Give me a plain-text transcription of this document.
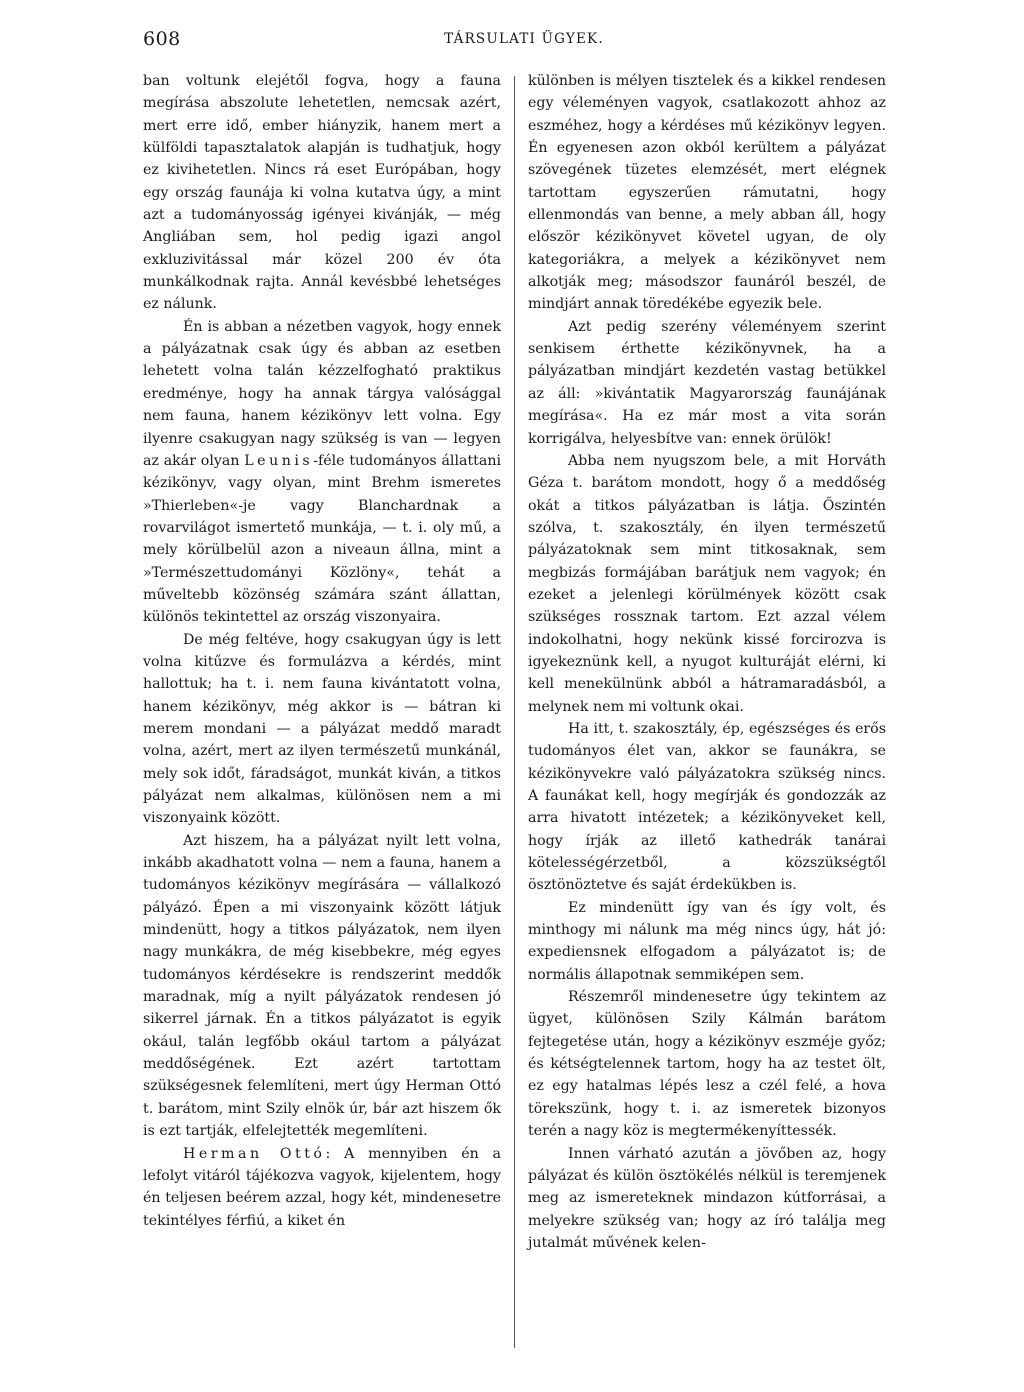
608	TÁRSULATI ÜGYEK.

ban voltunk elejétől fogva, hogy a fauna megírása abszolute lehetetlen, nemcsak azért, mert erre idő, ember hiányzik, hanem mert a külföldi tapasztalatok alapján is tudhatjuk, hogy ez kivihetetlen. Nincs rá eset Európában, hogy egy ország faunája ki volna kutatva úgy, a mint azt a tudományosság igényei kivánják, — még Angliában sem, hol pedig igazi angol exkluzivitással már közel 200 év óta munkálkodnak rajta. Annál kevésbbé lehetséges ez nálunk.

Én is abban a nézetben vagyok, hogy ennek a pályázatnak csak úgy és abban az esetben lehetett volna talán kézzelfogható praktikus eredménye, hogy ha annak tárgya valósággal nem fauna, hanem kézikönyv lett volna. Egy ilyenre csakugyan nagy szükség is van — legyen az akár olyan Leunis-féle tudományos állattani kézikönyv, vagy olyan, mint Brehm ismeretes »Thierleben«-je vagy Blanchardnak a rovarvilágot ismertető munkája, — t. i. oly mű, a mely körülbelül azon a niveaun állna, mint a »Természettudományi Közlöny«, tehát a műveltebb közönség számára szánt állattan, különös tekintettel az ország viszonyaira.

De még feltéve, hogy csakugyan úgy is lett volna kitűzve és formulázva a kérdés, mint hallottuk; ha t. i. nem fauna kivántatott volna, hanem kézikönyv, még akkor is — bátran ki merem mondani — a pályázat meddő maradt volna, azért, mert az ilyen természetű munkánál, mely sok időt, fáradságot, munkát kiván, a titkos pályázat nem alkalmas, különösen nem a mi viszonyaink között.

Azt hiszem, ha a pályázat nyilt lett volna, inkább akadhatott volna — nem a fauna, hanem a tudományos kézikönyv megírására — vállalkozó pályázó. Épen a mi viszonyaink között látjuk mindenütt, hogy a titkos pályázatok, nem ilyen nagy munkákra, de még kisebbekre, még egyes tudományos kérdésekre is rendszerint meddők maradnak, míg a nyilt pályázatok rendesen jó sikerrel járnak. Én a titkos pályázatot is egyik okául, talán legfőbb okául tartom a pályázat meddőségének. Ezt azért tartottam szükségesnek felemlíteni, mert úgy Herman Ottó t. barátom, mint Szily elnök úr, bár azt hiszem ők is ezt tartják, elfelejtették megemlíteni.

Herman Ottó: A mennyiben én a lefolyt vitáról tájékozva vagyok, kijelentem, hogy én teljesen beérem azzal, hogy két, mindenesetre tekintélyes férfiú, a kiket én

különben is mélyen tisztelek és a kikkel rendesen egy véleményen vagyok, csatlakozott ahhoz az eszméhez, hogy a kérdéses mű kézikönyv legyen. Én egyenesen azon okból kerültem a pályázat szövegének tüzetes elemzését, mert elégnek tartottam egyszerűen rámutatni, hogy ellenmondás van benne, a mely abban áll, hogy először kézikönyvet követel ugyan, de oly kategoriákra, a melyek a kézikönyvet nem alkotják meg; másodszor faunáról beszél, de mindjárt annak töredékébe egyezik bele.

Azt pedig szerény véleményem szerint senkisem érthette kézikönyvnek, ha a pályázatban mindjárt kezdetén vastag betükkel az áll: »kivántatik Magyarország faunájának megírása«. Ha ez már most a vita során korrigálva, helyesbítve van: ennek örülök!

Abba nem nyugszom bele, a mit Horváth Géza t. barátom mondott, hogy ő a meddőség okát a titkos pályázatban is látja. Őszintén szólva, t. szakosztály, én ilyen természetű pályázatoknak sem mint titkosaknak, sem megbizás formájában barátjuk nem vagyok; én ezeket a jelenlegi körülmények között csak szükséges rossznak tartom. Ezt azzal vélem indokolhatni, hogy nekünk kissé forcirozva is igyekeznünk kell, a nyugot kulturáját elérni, ki kell menekülnünk abból a hátramaradásból, a melynek nem mi voltunk okai.

Ha itt, t. szakosztály, ép, egészséges és erős tudományos élet van, akkor se faunákra, se kézikönyvekre való pályázatokra szükség nincs. A faunákat kell, hogy megírják és gondozzák az arra hivatott intézetek; a kézikönyveket kell, hogy írják az illető kathedrák tanárai kötelességérzetből, a közszükségtől ösztönöztetve és saját érdekükben is.

Ez mindenütt így van és így volt, és minthogy mi nálunk ma még nincs úgy, hát jó: expediensnek elfogadom a pályázatot is; de normális állapotnak semmiképen sem.

Részemről mindenesetre úgy tekintem az ügyet, különösen Szily Kálmán barátom fejtegetése után, hogy a kézikönyv eszméje győz; és kétségtelennek tartom, hogy ha az testet ölt, ez egy hatalmas lépés lesz a czél felé, a hova törekszünk, hogy t. i. az ismeretek bizonyos terén a nagy köz is megtermékenyíttessék.

Innen várható azután a jövőben az, hogy pályázat és külön ösztökélés nélkül is teremjenek meg az ismereteknek mindazon kútforrásai, a melyekre szükség van; hogy az író találja meg jutalmát művének kelen-
